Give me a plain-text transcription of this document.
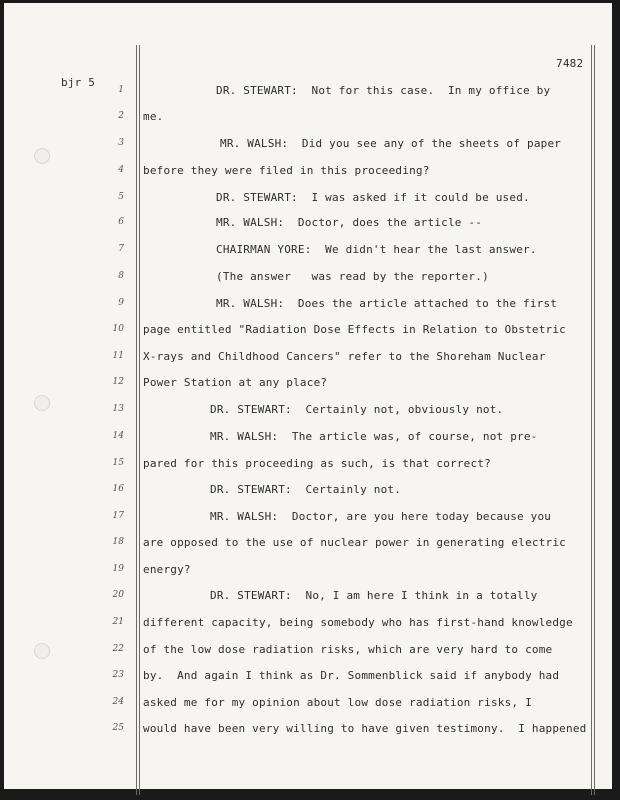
bjr 5
7482
1	DR. STEWART:  Not for this case.  In my office by
2 me.
3	MR. WALSH:  Did you see any of the sheets of paper
4 before they were filed in this proceeding?
5	DR. STEWART:  I was asked if it could be used.
6	MR. WALSH:  Doctor, does the article --
7	CHAIRMAN YORE:  We didn't hear the last answer.
8	(The answer   was read by the reporter.)
9	MR. WALSH:  Does the article attached to the first
10 page entitled "Radiation Dose Effects in Relation to Obstetric
11 X-rays and Childhood Cancers" refer to the Shoreham Nuclear
12 Power Station at any place?
13	DR. STEWART:  Certainly not, obviously not.
14	MR. WALSH:  The article was, of course, not pre-
15 pared for this proceeding as such, is that correct?
16	DR. STEWART:  Certainly not.
17	MR. WALSH:  Doctor, are you here today because you
18 are opposed to the use of nuclear power in generating electric
19 energy?
20	DR. STEWART:  No, I am here I think in a totally
21 different capacity, being somebody who has first-hand knowledge
22 of the low dose radiation risks, which are very hard to come
23 by.  And again I think as Dr. Sommenblick said if anybody had
24 asked me for my opinion about low dose radiation risks, I
25 would have been very willing to have given testimony.  I happened
